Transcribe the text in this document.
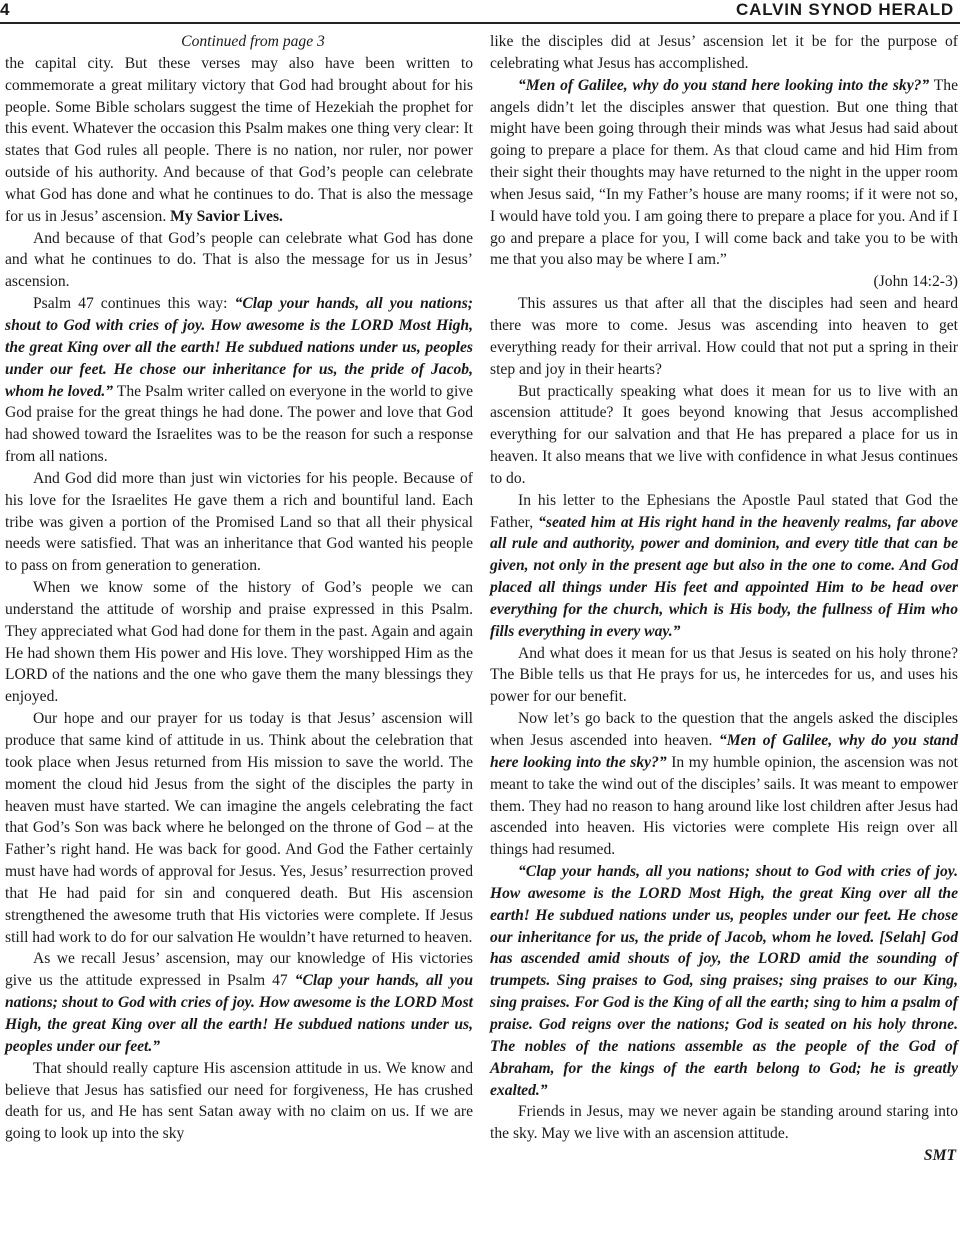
4	CALVIN SYNOD HERALD

Continued from page 3

the capital city. But these verses may also have been written to commemorate a great military victory that God had brought about for his people. Some Bible scholars suggest the time of Hezekiah the prophet for this event. Whatever the occasion this Psalm makes one thing very clear: It states that God rules all people. There is no nation, nor ruler, nor power outside of his authority. And because of that God’s people can celebrate what God has done and what he continues to do. That is also the message for us in Jesus’ ascension. My Savior Lives.

And because of that God’s people can celebrate what God has done and what he continues to do. That is also the message for us in Jesus’ ascension.

Psalm 47 continues this way: “Clap your hands, all you nations; shout to God with cries of joy. How awesome is the LORD Most High, the great King over all the earth! He subdued nations under us, peoples under our feet. He chose our inheritance for us, the pride of Jacob, whom he loved.” The Psalm writer called on everyone in the world to give God praise for the great things he had done. The power and love that God had showed toward the Israelites was to be the reason for such a response from all nations.

And God did more than just win victories for his people. Because of his love for the Israelites He gave them a rich and bountiful land. Each tribe was given a portion of the Promised Land so that all their physical needs were satisfied. That was an inheritance that God wanted his people to pass on from generation to generation.

When we know some of the history of God’s people we can understand the attitude of worship and praise expressed in this Psalm. They appreciated what God had done for them in the past. Again and again He had shown them His power and His love. They worshipped Him as the LORD of the nations and the one who gave them the many blessings they enjoyed.

Our hope and our prayer for us today is that Jesus’ ascension will produce that same kind of attitude in us. Think about the celebration that took place when Jesus returned from His mission to save the world. The moment the cloud hid Jesus from the sight of the disciples the party in heaven must have started. We can imagine the angels celebrating the fact that God’s Son was back where he belonged on the throne of God – at the Father’s right hand. He was back for good. And God the Father certainly must have had words of approval for Jesus. Yes, Jesus’ resurrection proved that He had paid for sin and conquered death. But His ascension strengthened the awesome truth that His victories were complete. If Jesus still had work to do for our salvation He wouldn’t have returned to heaven.

As we recall Jesus’ ascension, may our knowledge of His victories give us the attitude expressed in Psalm 47 “Clap your hands, all you nations; shout to God with cries of joy. How awesome is the LORD Most High, the great King over all the earth! He subdued nations under us, peoples under our feet.”

That should really capture His ascension attitude in us. We know and believe that Jesus has satisfied our need for forgiveness, He has crushed death for us, and He has sent Satan away with no claim on us. If we are going to look up into the sky

like the disciples did at Jesus’ ascension let it be for the purpose of celebrating what Jesus has accomplished.

“Men of Galilee, why do you stand here looking into the sky?” The angels didn’t let the disciples answer that question. But one thing that might have been going through their minds was what Jesus had said about going to prepare a place for them. As that cloud came and hid Him from their sight their thoughts may have returned to the night in the upper room when Jesus said, “In my Father’s house are many rooms; if it were not so, I would have told you. I am going there to prepare a place for you. And if I go and prepare a place for you, I will come back and take you to be with me that you also may be where I am.”

(John 14:2-3)

This assures us that after all that the disciples had seen and heard there was more to come. Jesus was ascending into heaven to get everything ready for their arrival. How could that not put a spring in their step and joy in their hearts?

But practically speaking what does it mean for us to live with an ascension attitude? It goes beyond knowing that Jesus accomplished everything for our salvation and that He has prepared a place for us in heaven. It also means that we live with confidence in what Jesus continues to do.

In his letter to the Ephesians the Apostle Paul stated that God the Father, “seated him at His right hand in the heavenly realms, far above all rule and authority, power and dominion, and every title that can be given, not only in the present age but also in the one to come. And God placed all things under His feet and appointed Him to be head over everything for the church, which is His body, the fullness of Him who fills everything in every way.”

And what does it mean for us that Jesus is seated on his holy throne? The Bible tells us that He prays for us, he intercedes for us, and uses his power for our benefit.

Now let’s go back to the question that the angels asked the disciples when Jesus ascended into heaven. “Men of Galilee, why do you stand here looking into the sky?” In my humble opinion, the ascension was not meant to take the wind out of the disciples’ sails. It was meant to empower them. They had no reason to hang around like lost children after Jesus had ascended into heaven. His victories were complete His reign over all things had resumed.

“Clap your hands, all you nations; shout to God with cries of joy. How awesome is the LORD Most High, the great King over all the earth! He subdued nations under us, peoples under our feet. He chose our inheritance for us, the pride of Jacob, whom he loved. [Selah] God has ascended amid shouts of joy, the LORD amid the sounding of trumpets. Sing praises to God, sing praises; sing praises to our King, sing praises. For God is the King of all the earth; sing to him a psalm of praise. God reigns over the nations; God is seated on his holy throne. The nobles of the nations assemble as the people of the God of Abraham, for the kings of the earth belong to God; he is greatly exalted.”

Friends in Jesus, may we never again be standing around staring into the sky. May we live with an ascension attitude.

SMT
